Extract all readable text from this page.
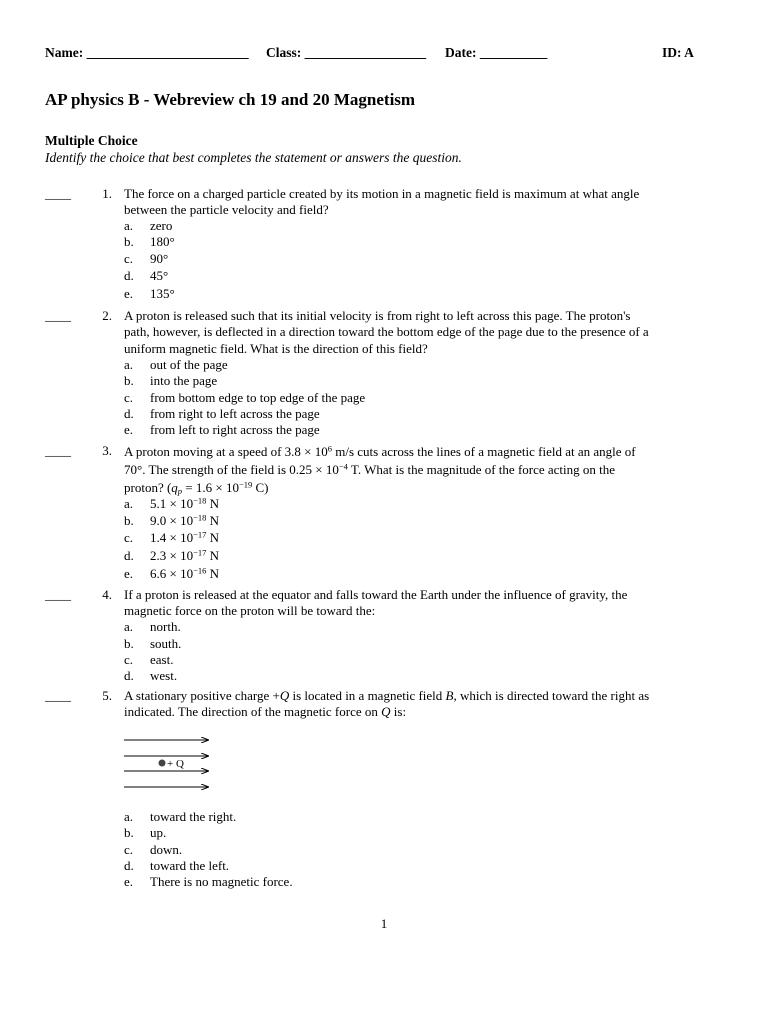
Name: ________________________ Class: __________________ Date: __________	ID: A
AP physics B - Webreview ch 19 and 20 Magnetism
Multiple Choice
Identify the choice that best completes the statement or answers the question.
____	1. The force on a charged particle created by its motion in a magnetic field is maximum at what angle
between the particle velocity and field?
a. zero
b. 180°
c. 90°
d. 45°
e. 135°
____	2. A proton is released such that its initial velocity is from right to left across this page. The proton's
path, however, is deflected in a direction toward the bottom edge of the page due to the presence of a
uniform magnetic field. What is the direction of this field?
a. out of the page
b. into the page
c. from bottom edge to top edge of the page
d. from right to left across the page
e. from left to right across the page
____	3. A proton moving at a speed of $3.8 \times 10^6$ m/s cuts across the lines of a magnetic field at an angle of
70°. The strength of the field is $0.25 \times 10^{-4}$ T. What is the magnitude of the force acting on the
proton? ($q_p = 1.6 \times 10^{-19}$ C)
a. $5.1 \times 10^{-18}$ N
b. $9.0 \times 10^{-18}$ N
c. $1.4 \times 10^{-17}$ N
d. $2.3 \times 10^{-17}$ N
e. $6.6 \times 10^{-16}$ N
____	4. If a proton is released at the equator and falls toward the Earth under the influence of gravity, the
magnetic force on the proton will be toward the:
a. north.
b. south.
c. east.
d. west.
____	5. A stationary positive charge +Q is located in a magnetic field B, which is directed toward the right as
indicated. The direction of the magnetic force on Q is:
+ Q
a. toward the right.
b. up.
c. down.
d. toward the left.
e. There is no magnetic force.
1
